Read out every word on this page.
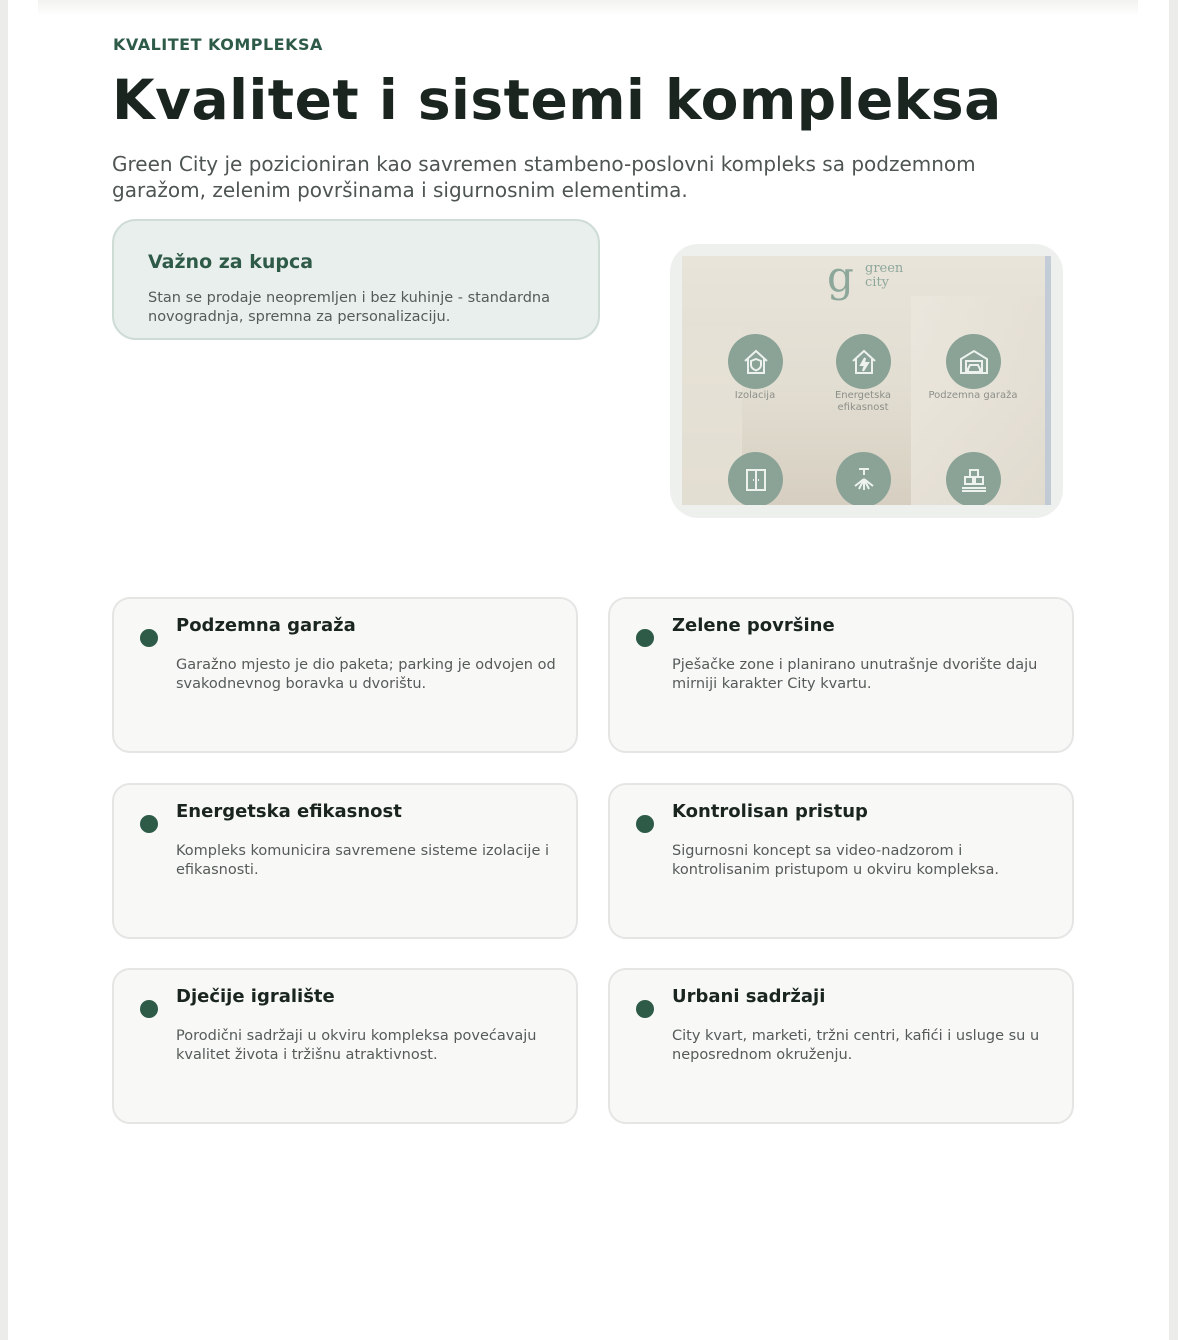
KVALITET KOMPLEKSA
Kvalitet i sistemi kompleksa

Green City je pozicioniran kao savremen stambeno-poslovni kompleks sa podzemnom garažom, zelenim površinama i sigurnosnim elementima.

Važno za kupca
Stan se prodaje neopremljen i bez kuhinje - standardna novogradnja, spremna za personalizaciju.
g green
city
Izolacija	Energetska efikasnost
Podzemna garaža
Podzemna garaža
Garažno mjesto je dio paketa; parking je odvojen od svakodnevnog boravka u dvorištu.
Zelene površine
Pješačke zone i planirano unutrašnje dvorište daju mirniji karakter City kvartu.
Energetska efikasnost
Kompleks komunicira savremene sisteme izolacije i efikasnosti.
Kontrolisan pristup
Sigurnosni koncept sa video-nadzorom i kontrolisanim pristupom u okviru kompleksa.
Dječije igralište
Porodični sadržaji u okviru kompleksa povećavaju kvalitet života i tržišnu atraktivnost.
Urbani sadržaji
City kvart, marketi, tržni centri, kafići i usluge su u neposrednom okruženju.
